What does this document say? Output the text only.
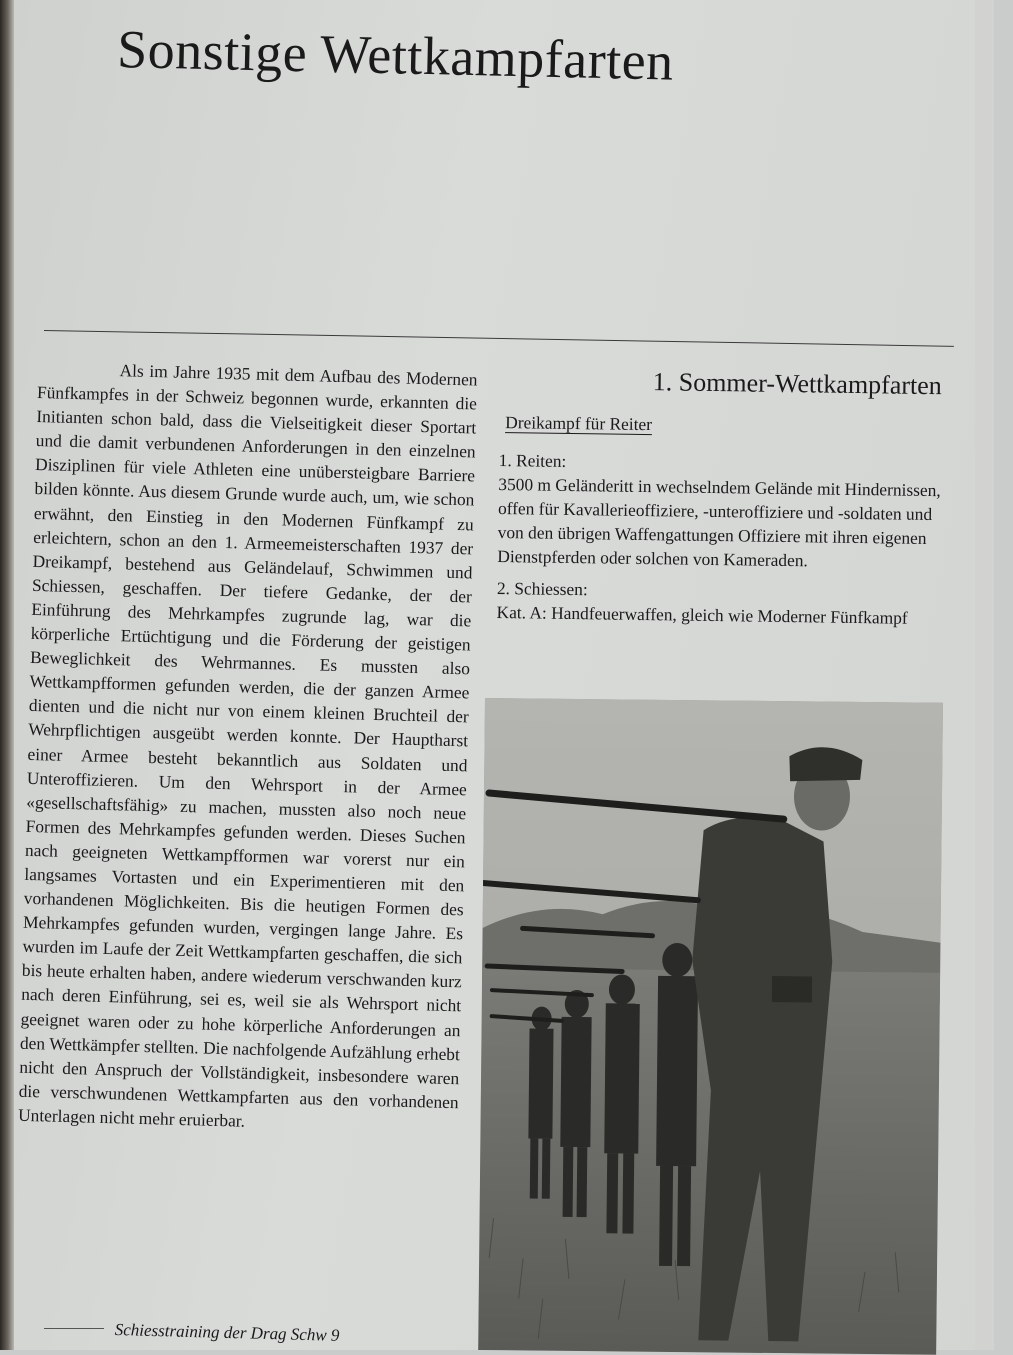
Sonstige Wettkampfarten

Als im Jahre 1935 mit dem Aufbau des Modernen Fünfkampfes in der Schweiz begonnen wurde, erkannten die Initianten schon bald, dass die Vielseitigkeit dieser Sportart und die damit verbundenen Anforderungen in den einzelnen Disziplinen für viele Athleten eine unübersteigbare Barriere bilden könnte. Aus diesem Grunde wurde auch, um, wie schon erwähnt, den Einstieg in den Modernen Fünfkampf zu erleichtern, schon an den 1. Armeemeisterschaften 1937 der Dreikampf, bestehend aus Geländelauf, Schwimmen und Schiessen, geschaffen. Der tiefere Gedanke, der der Einführung des Mehrkampfes zugrunde lag, war die körperliche Ertüchtigung und die Förderung der geistigen Beweglichkeit des Wehrmannes. Es mussten also Wettkampfformen gefunden werden, die der ganzen Armee dienten und die nicht nur von einem kleinen Bruchteil der Wehrpflichtigen ausgeübt werden konnte. Der Hauptharst einer Armee besteht bekanntlich aus Soldaten und Unteroffizieren. Um den Wehrsport in der Armee «gesellschaftsfähig» zu machen, mussten also noch neue Formen des Mehrkampfes gefunden werden. Dieses Suchen nach geeigneten Wettkampfformen war vorerst nur ein langsames Vortasten und ein Experimentieren mit den vorhandenen Möglichkeiten. Bis die heutigen Formen des Mehrkampfes gefunden wurden, vergingen lange Jahre. Es wurden im Laufe der Zeit Wettkampfarten geschaffen, die sich bis heute erhalten haben, andere wiederum verschwanden kurz nach deren Einführung, sei es, weil sie als Wehrsport nicht geeignet waren oder zu hohe körperliche Anforderungen an den Wettkämpfer stellten. Die nachfolgende Aufzählung erhebt nicht den Anspruch der Vollständigkeit, insbesondere waren die verschwundenen Wettkampfarten aus den vorhandenen Unterlagen nicht mehr eruierbar.

1. Sommer-Wettkampfarten
Dreikampf für Reiter
1. Reiten:
3500 m Geländeritt in wechselndem Gelände mit Hindernissen, offen für Kavallerieoffiziere, -unteroffiziere und -soldaten und von den übrigen Waffengattungen Offiziere mit ihren eigenen Dienstpferden oder solchen von Kameraden.
2. Schiessen:
Kat. A: Handfeuerwaffen, gleich wie Moderner Fünfkampf
Schiesstraining der Drag Schw 9
